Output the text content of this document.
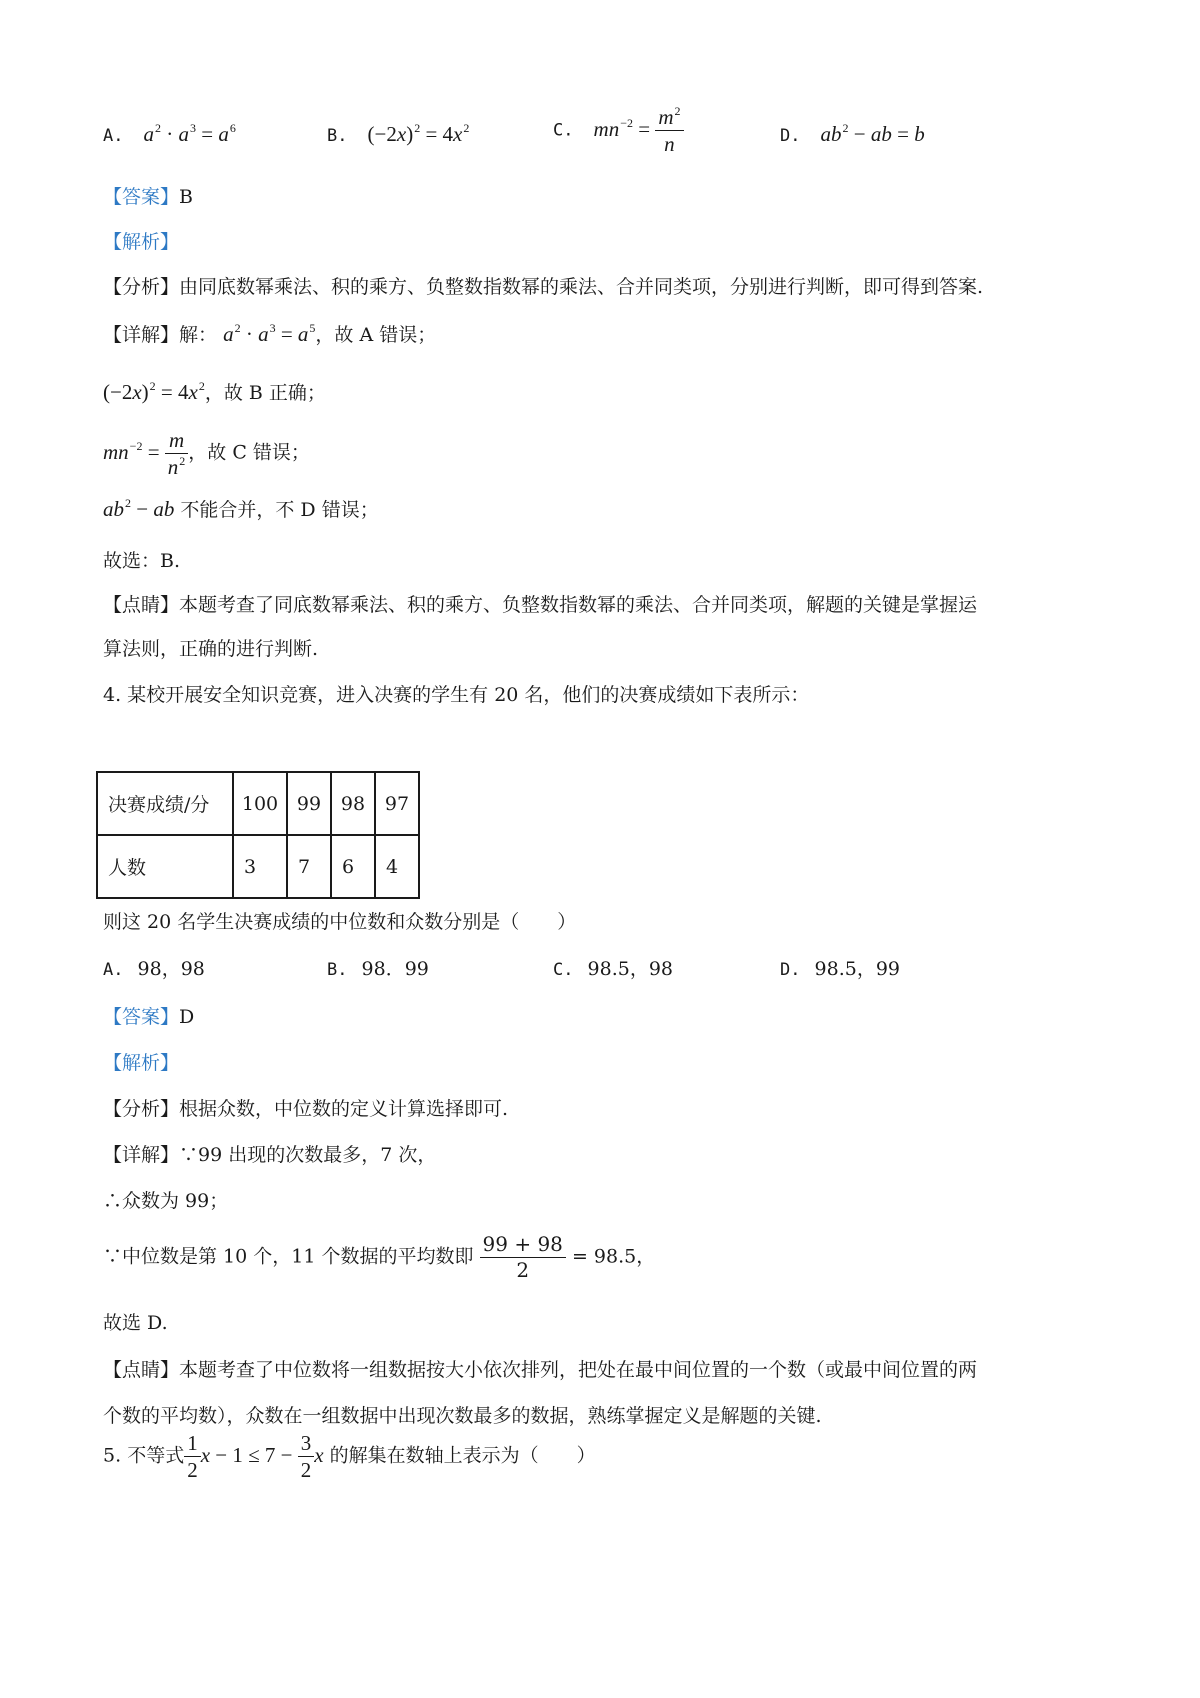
A. $a^2 \cdot a^3 = a^6$	B. $(-2x)^2 = 4x^2$	C. $mn^{-2} = \frac{m^2}{n}$	D. $ab^2$ − ab = b
【答案】B
【解析】
【分析】由同底数幂乘法、积的乘方、负整数指数幂的乘法、合并同类项，分别进行判断，即可得到答案.
【详解】解： $a^2 \cdot a^3 = a^5$，故 A 错误；
$(-2x)^2 = 4x^2$，故 B 正确；
$mn^{-2} = \frac{m}{n^2}$ ，故 C 错误；
$ab^2$ − ab 不能合并，不 D 错误；
故选：B.
【点睛】本题考查了同底数幂乘法、积的乘方、负整数指数幂的乘法、合并同类项，解题的关键是掌握运
算法则，正确的进行判断.
4. 某校开展安全知识竞赛，进入决赛的学生有 20 名，他们的决赛成绩如下表所示：
决赛成绩/分	100	99	98	97
人数	3	7	6	4
则这 20 名学生决赛成绩的中位数和众数分别是（　　）
A. 98，98	B. 98．99	C. 98.5，98	D. 98.5，99
【答案】D
【解析】
【分析】根据众数，中位数的定义计算选择即可.
【详解】∵99 出现的次数最多，7 次，
∴众数为 99；
∵中位数是第 10 个，11 个数据的平均数即 $\frac{99 + 98}{2} = 98.5$，
故选 D.
【点睛】本题考查了中位数将一组数据按大小依次排列，把处在最中间位置的一个数（或最中间位置的两
个数的平均数），众数在一组数据中出现次数最多的数据，熟练掌握定义是解题的关键.
5. 不等式 $\frac{1}{2}$ $x - 1 \le 7 - \frac{3}{2}$ x 的解集在数轴上表示为（　　）
